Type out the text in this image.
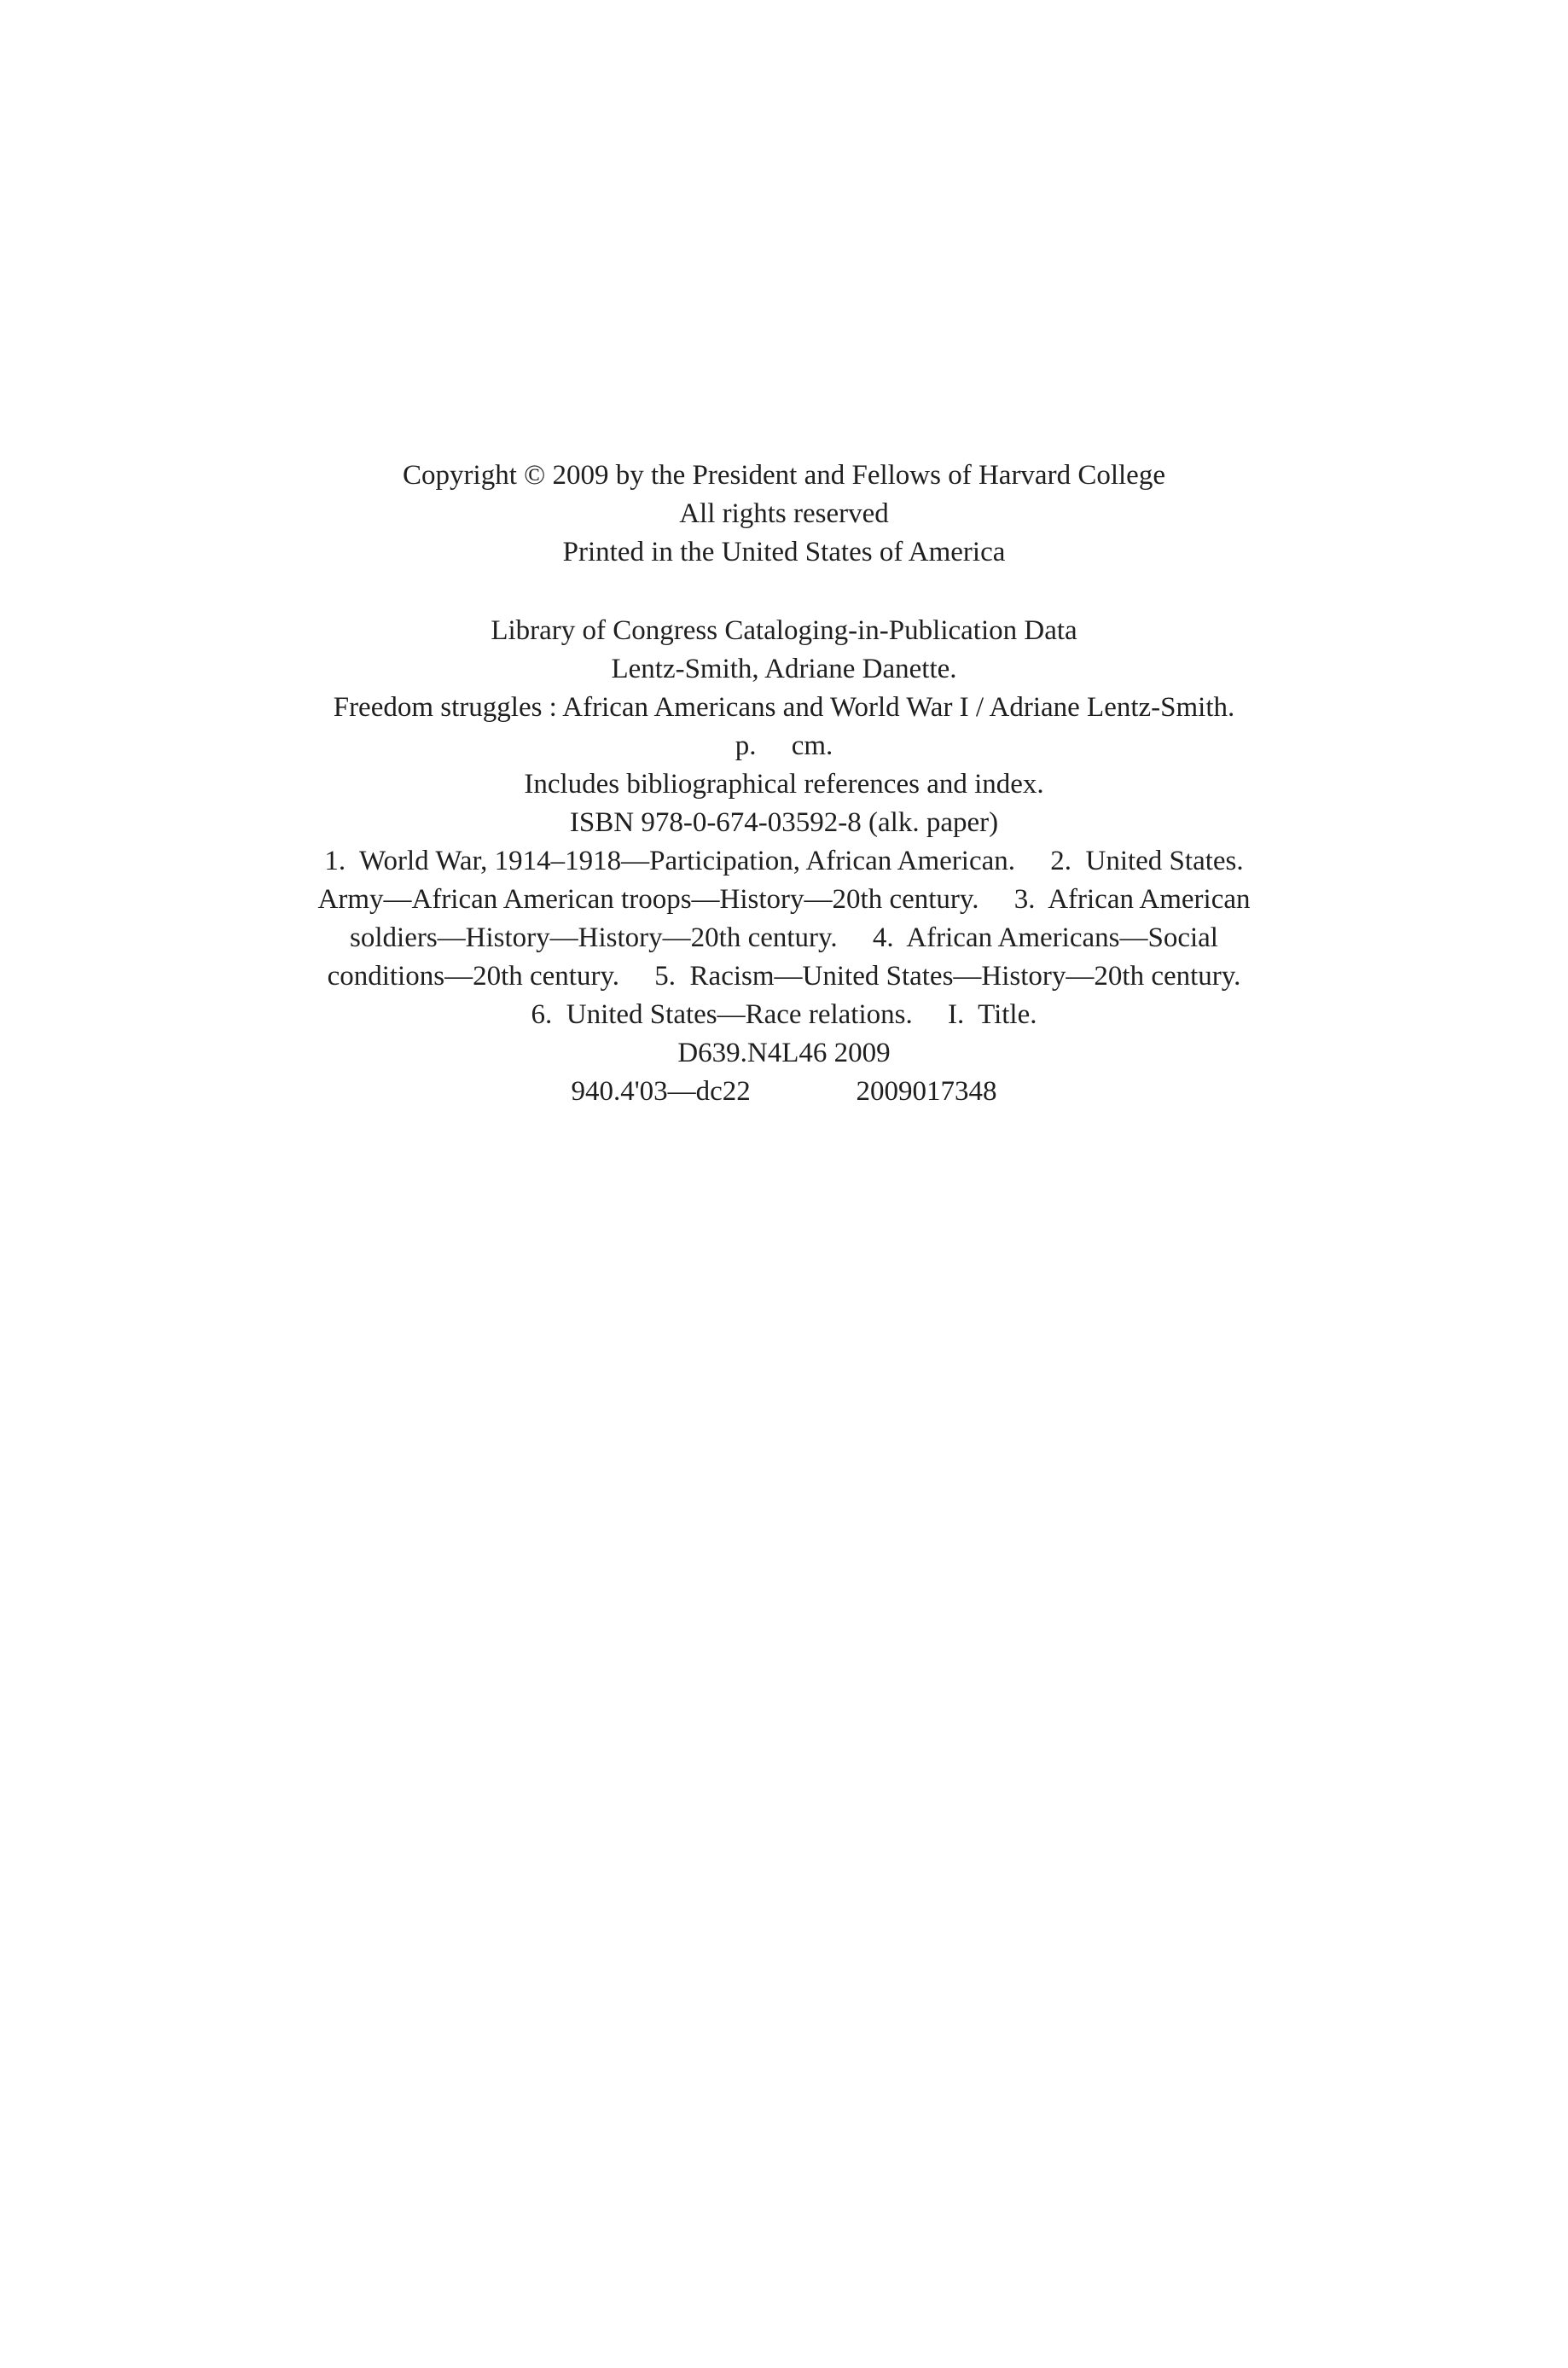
Copyright © 2009 by the President and Fellows of Harvard College
All rights reserved
Printed in the United States of America
Library of Congress Cataloging-in-Publication Data
Lentz-Smith, Adriane Danette.
Freedom struggles : African Americans and World War I / Adriane Lentz-Smith.
p.     cm.
Includes bibliographical references and index.
ISBN 978-0-674-03592-8 (alk. paper)
1.  World War, 1914–1918—Participation, African American.     2.  United States.
Army—African American troops—History—20th century.     3.  African American
soldiers—History—History—20th century.     4.  African Americans—Social
conditions—20th century.     5.  Racism—United States—History—20th century.
6.  United States—Race relations.     I.  Title.
D639.N4L46 2009
940.4'03—dc22               2009017348
